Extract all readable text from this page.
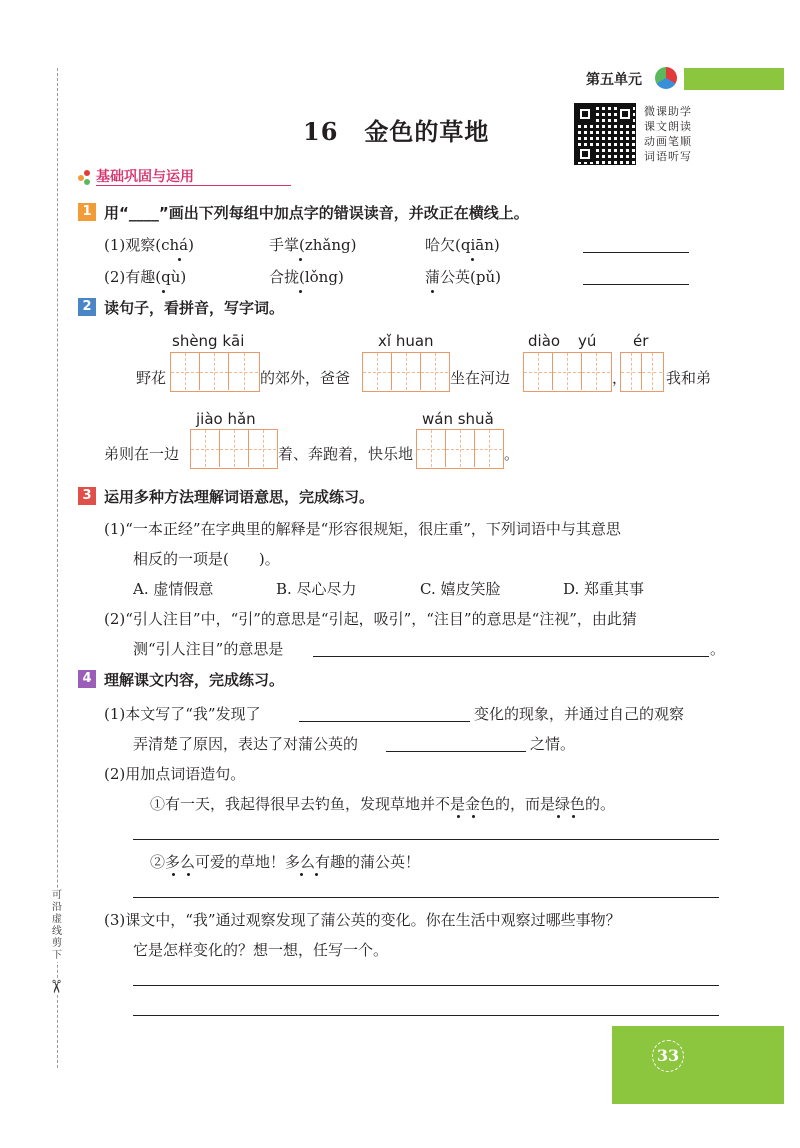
可沿虚线剪下
✂
第五单元
16 金色的草地
微课助学
课文朗读
动画笔顺
词语听写
基础巩固与运用
1 用“____”画出下列每组中加点字的错误读音，并改正在横线上。
(1)观察(chá)	手掌(zhǎng)	哈欠(qiān)
(2)有趣(qù)	合拢(lǒng)	蒲公英(pǔ)
2 读句子，看拼音，写字词。
shèng kāi	xǐ huan	diào yú ér
野花	的郊外，爸爸	坐在河边	，	我和弟
jiào hǎn	wán shuǎ
弟则在一边	着、奔跑着，快乐地	。
3 运用多种方法理解词语意思，完成练习。
(1)“一本正经”在字典里的解释是“形容很规矩，很庄重”，下列词语中与其意思
相反的一项是(　　)。
A. 虚情假意	B. 尽心尽力	C. 嬉皮笑脸	D. 郑重其事
(2)“引人注目”中，“引”的意思是“引起，吸引”，“注目”的意思是“注视”，由此猜
测“引人注目”的意思是	。
4 理解课文内容，完成练习。
(1)本文写了“我”发现了	变化的现象，并通过自己的观察
弄清楚了原因，表达了对蒲公英的	之情。
(2)用加点词语造句。
①有一天，我起得很早去钓鱼，发现草地并不是金色的，而是绿色的。
②多么可爱的草地！多么有趣的蒲公英！
(3)课文中，“我”通过观察发现了蒲公英的变化。你在生活中观察过哪些事物？
它是怎样变化的？想一想，任写一个。
33
